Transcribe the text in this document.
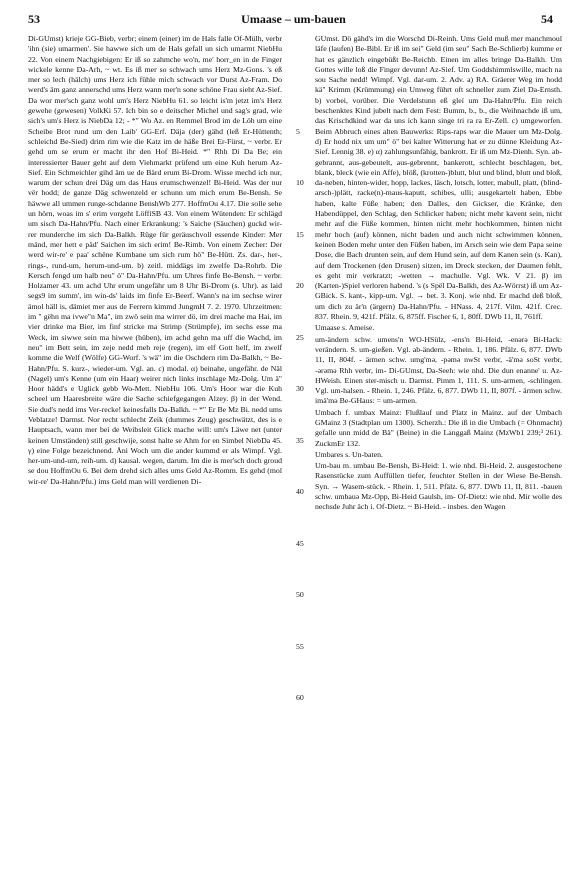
53	Umaase – um-bauen	54

Di-GUmst) krieje GG-Bieb, verbr; einem (einer) im de Hals falle Of-Mülh, verbr 'ihn (sie) umarmen'. Sie hawwe sich um de Hals gefall un sich umarmt NiebHu 22. Von einem Nachgiebigen: Er iß so zahmche wo'n, me' horr_en in de Finger wickele kenne Da-Arh, ~ wt. Es iß mer so schwach ums Herz Mz-Gons. 's eß mer so lech (hälch) ums Herz ich fühle mich schwach vor Durst Az-Fram. Do werd's äm ganz annerschd ums Herz wann mer'n sone schöne Frau sieht Az-Sief. Da wor mer'sch ganz wohl um's Herz NiebHu 61. so leicht is'm jetzt im's Herz gewehe (gewesen) VolkKi 57. Ich bin so e deitscher Michel und sag's grad, wie sich's um's Herz is NiebDa 12; - *" Wo Az. en Remmel Brod im de Löh um eine Scheibe Brot rund um den Laib' GG-Erf. Däja (der) gähd (leß Er-Hüttenth; schleichd Be-Sied) drim rim wie die Katz im de häße Brei Er-Fürst, ~ verbr. Er gehd um se erum er macht ihr den Hof Bi-Heid. *" Rhh Di Da Be; ein interessierter Bauer geht auf dem Viehmarkt prüfend um eine Kuh herum Az-Sief. Ein Schmeichler gihd äm ue de Bärd erum Bi-Drom. Wisse mechd ich nur, warum der schun drei Däg um das Haus erumschwenzel! Bi-Heid. Was der nur vër hodd; de ganze Däg schwenzeld er schunn um mich erum Be-Bensh. Se häwwe all ummen runge-schdanne BenshWb 277. HoffmOu 4.17. Die solle sehe un hörn, woas im s' erim vorgeht LöffiSB 43. Von einem Wütenden: Er schlägd um sisch Da-Hahn/Pfu. Nach einer Erkrankung: 's Saiche (Säuchen) guckd wir-rer munderche im sich Da-Balkh. Rüge für geräuschvoll essende Kinder: Mer mänd, mer hett e päd' Saichen im sich erim! Be-Rimb. Von einem Zecher: Der werd wir-re' e paa' schëne Kumbane um sich rum hö" Be-Hütt. Zs. dar-, her-, rings-, rund-um, herum-und-um. b) zeitl. middägs im zwelfe Da-Rohrb. Die Kersch fengd um halb neu" ö" Da-Hahn/Pfu. um Uhres finfe Be-Bensh. ~ verbr. Holzamer 43. um achd Uhr erum ungefähr um 8 Uhr Bi-Drom (s. Uhr). as laid segs9 im summ', im win-ds' laids im finfe Er-Beerf. Wann's na im sechse wirer ämol häll is, dämiet mer aus de Ferrern kimmd JungmH 7. 2. 1970. Uhrzeitmen: im " gëhn ma ivwe"n Ma", im zwö sein ma wirrer dö, im drei mache ma Hai, im vier drinke ma Bier, im finf stricke ma Strimp (Strümpfe), im sechs esse ma Weck, im siwwe sein ma hiwwe (hüben), im achd gehn ma uff die Wachd, im neu" im Bett sein, im zeje nedd meh reje (regen), im elf Gott helf, im zwelf komme die Welf (Wölfe) GG-Worf. 's wä" im die Oschdern rim Da-Balkh, ~ Be-Hahn/Pfu. S. kurz-, wieder-um. Vgl. an. c) modal. α) beinahe, ungefähr. de Näl (Nagel) um's Kenne (um ein Haar) weirer nich links inschlage Mz-Dolg. Um ä" Hoor hädd's e Uglick gebb Wo-Mett. NiebHu 106. Um's Hoor war die Kuh scheel um Haaresbreite wäre die Sache schiefgegangen Alzey. β) in der Wend. Sie dud's nedd ims Ver-recke! keinesfalls Da-Balkh. ~ *" Er Be Mz Bi. nedd ums Veblatze! Darmst. Nor recht schlecht Zeik (dummes Zeug) geschwätzt, des is e Hauptsach, wann mer bei de Weibsleit Glick mache will: um's Läwe net (unter keinen Umständen) still geschwije, sonst halte se Ahm for en Simbel NiebDa 45. γ) eine Folge bezeichnend. Äni Woch um die ander kummd er als Wimpf. Vgl. her-um-und-um, reih-um. d) kausal. wegen, darum. Im die is mer'sch doch groud se dou HoffmOu 6. Bei dem drehd sich alles ums Geld Az-Romm. Es gehd (mol wir-re' Da-Hahn/Pfu.) ims Geld man will verdienen Di-

5
10
15
20
25
30
35
40
45
50
55
60

GUmst. Dö gähd's im die Worschd Di-Reinh. Ums Geld muß mer manchmoul läfe (laufen) Be-Bibl. Er iß im sei" Geld (im seu" Sach Be-Schlierb) kumme er hat es gänzlich eingebüßt Be-Reichb. Einen im alles bringe Da-Balkh. Um Gottes wille loß die Finger devunn! Az-Sief. Um Goddshimmlswille, mach na sou Sache nedd! Wimpf. Vgl. dar-um. 2. Adv. a) RA. Gräerer Weg im hodd kä" Krimm (Krümmung) ein Umweg führt oft schneller zum Ziel Da-Ernsth. b) vorbei, vorüber. Die Verdelstunn eß gleí um Da-Hahn/Pfu. Ein reich beschenktes Kind jubelt nach dem Fest: Bumm, b., b., die Weihnachde iß um, das Krischdkind war da uns ich kann singe tri ra ra Er-Zell. c) umgeworfen. Beim Abbruch eines alten Bauwerks: Rips-raps war die Mauer um Mz-Dolg. d) Er hodd nix um um" ö" bei kalter Witterung hat er zu dünne Kleidung Az-Sief. Lennig 38. e) α) zahlungsunfähig, bankrott. Er iß um Mz-Dienh. Syn. ab-gebrannt, aus-gebeutelt, aus-gebrennt, bankerott, schlecht beschlagen, bet, blank, bleck (wie ein Affe), blöß, (krotten-)blutt, blut und blind, blutt und bloß, da-neben, hinten-wider, hopp, lackes, läsch, lotsch, lotter, mabull, platt, (blind-arsch-)plätt, racke(n)-maus-kaputt, schibes, ulli; ausgekartelt haben, Ebbe haben, kalte Füße haben; den Dalles, den Gickser, die Kränke, den Habendüppel, den Schlag, den Schlicker haben; nicht mehr kavent sein, nicht mehr auf die Füße kommen, hinten nicht mehr hochkommen, hinten nicht mehr hoch (auf) können, nicht baden und auch nicht schwimmen können, keinen Boden mehr unter den Füßen haben, im Arsch sein wie dem Papa seine Dose, die Bach drunten sein, auf dem Hund sein, auf dem Kanen sein (s. Kan), auf dem Trockenen (den Drusen) sitzen, im Dreck stecken, der Daumen fehlt, es geht mir verkratzt; -wetten → machulle. Vgl. Wk. V 21. β) im (Karten-)Spiel verloren habend. 's (s Spël Da-Balkh, des Az-Wörrst) iß um Az-GBick. S. kant-, kipp-um. Vgl. → bet. 3. Konj. wie nhd. Er machd deß bloß, um dich zu är'n (ärgern) Da-Hahn/Pfu. - HNass. 4, 217f. Vilm. 421f. Crec. 837. Rhein. 9, 421f. Pfälz. 6, 875ff. Fischer 6, 1, 80ff. DWb 11, II, 761ff.

Umaase s. Ameise.

um-ändern schw. umens'n WO-HSülz, -ens'n Bi-Heid, -enərə Bi-Hack: verändern. S. um-gießen. Vgl. ab-ändern. - Rhein. 1, 186. Pfälz. 6, 877. DWb 11, II, 804f. - ärmen schw. umg'mə, -pəmə nwSt verbr, -ä'mə soSt verbr, -ərəmə Rhh verbr, im- Di-GUmst, Da-Seeh: wie nhd. Die dun enanne' u. Az-HWeish. Einen ster-misch u. Darmst. Pimm 1, 111. S. um-armen, -schlingen. Vgl. um-halsen. - Rhein. 1, 246. Pfälz. 6, 877. DWb 11, II, 807f. - ärmen schw. imä'mə Be-GHaus: = um-armen.

Umbach f. umbax Mainz: Flußlauf und Platz in Mainz. auf der Umbach GMainz 3 (Stadtplan um 1300). Scherzh.: Die iß in die Umbach (= Ohnmacht) gefalle unn midd de Bä" (Beine) in die Langgaß Mainz (MzWb1 239;³ 261). ZuckmEr 132.

Umbares s. Un-baten.

Um-bau m. umbau Be-Bensh, Bi-Heid: 1. wie nhd. Bi-Heid. 2. ausgestochene Rasenstücke zum Auffüllen tiefer, feuchter Stellen in der Wiese Be-Bensh. Syn. → Wasem-stück. - Rhein. 1, 511. Pfälz. 6, 877. DWb 11, II, 811. -bauen schw. umbauə Mz-Opp, Bi-Heid Gaulsh, im- Of-Dietz: wie nhd. Mir wolle des nechsde Juhr äch i. Of-Dietz. ~ Bi-Heid. - insbes. den Wagen
